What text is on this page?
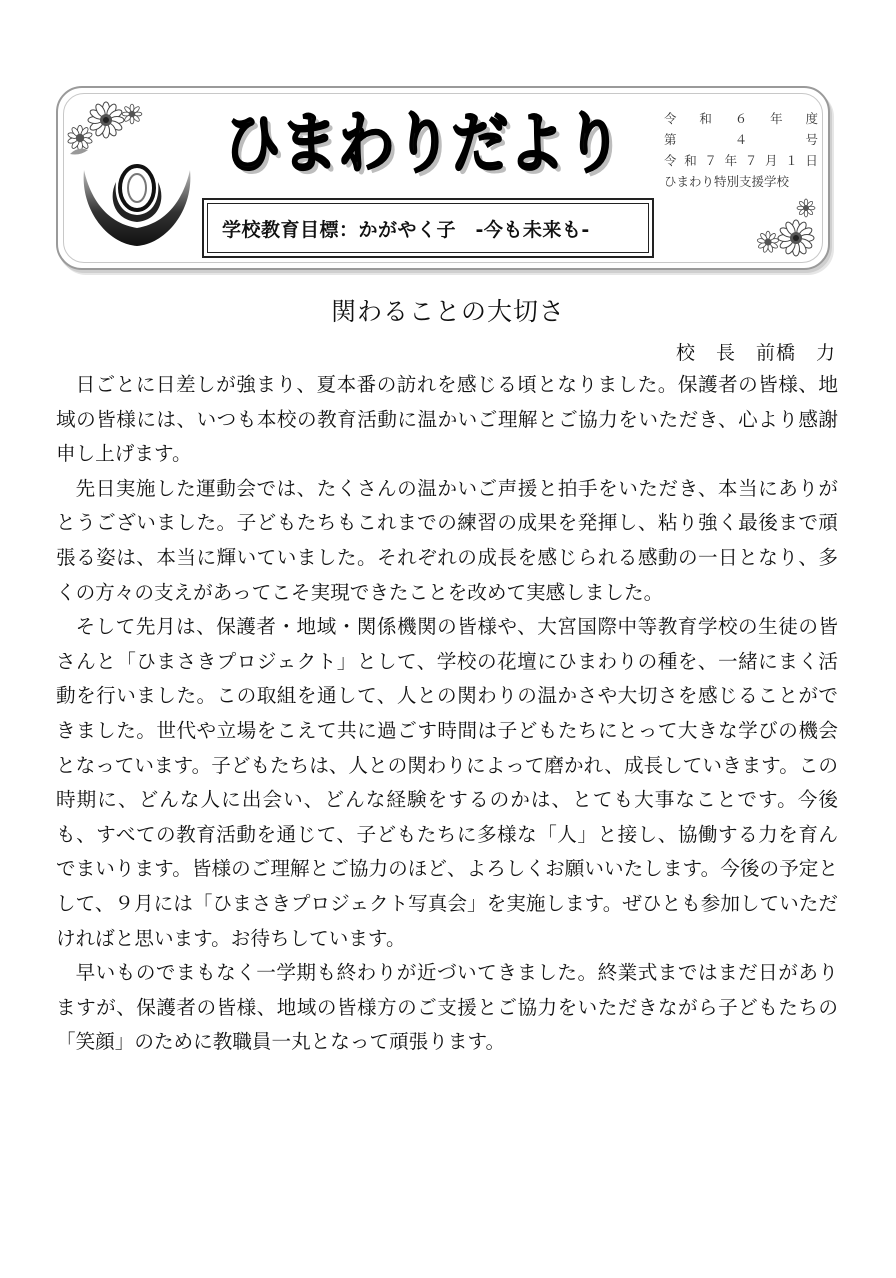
ひまわりだより
ひまわりだより
学校教育目標：かがやく子　-今も未来も-
令 和 ６ 年 度
第	４	号
令 和 ７ 年 ７ 月 １ 日
ひまわり特別支援学校
関わることの大切さ
校　長　前橋　力

日ごとに日差しが強まり、夏本番の訪れを感じる頃となりました。保護者の皆様、地域の皆様には、いつも本校の教育活動に温かいご理解とご協力をいただき、心より感謝申し上げます。

先日実施した運動会では、たくさんの温かいご声援と拍手をいただき、本当にありがとうございました。子どもたちもこれまでの練習の成果を発揮し、粘り強く最後まで頑張る姿は、本当に輝いていました。それぞれの成長を感じられる感動の一日となり、多くの方々の支えがあってこそ実現できたことを改めて実感しました。

そして先月は、保護者・地域・関係機関の皆様や、大宮国際中等教育学校の生徒の皆さんと「ひまさきプロジェクト」として、学校の花壇にひまわりの種を、一緒にまく活動を行いました。この取組を通して、人との関わりの温かさや大切さを感じることができました。世代や立場をこえて共に過ごす時間は子どもたちにとって大きな学びの機会となっています。子どもたちは、人との関わりによって磨かれ、成長していきます。この時期に、どんな人に出会い、どんな経験をするのかは、とても大事なことです。今後も、すべての教育活動を通じて、子どもたちに多様な「人」と接し、協働する力を育んでまいります。皆様のご理解とご協力のほど、よろしくお願いいたします。今後の予定として、９月には「ひまさきプロジェクト写真会」を実施します。ぜひとも参加していただければと思います。お待ちしています。

早いものでまもなく一学期も終わりが近づいてきました。終業式まではまだ日がありますが、保護者の皆様、地域の皆様方のご支援とご協力をいただきながら子どもたちの「笑顔」のために教職員一丸となって頑張ります。
